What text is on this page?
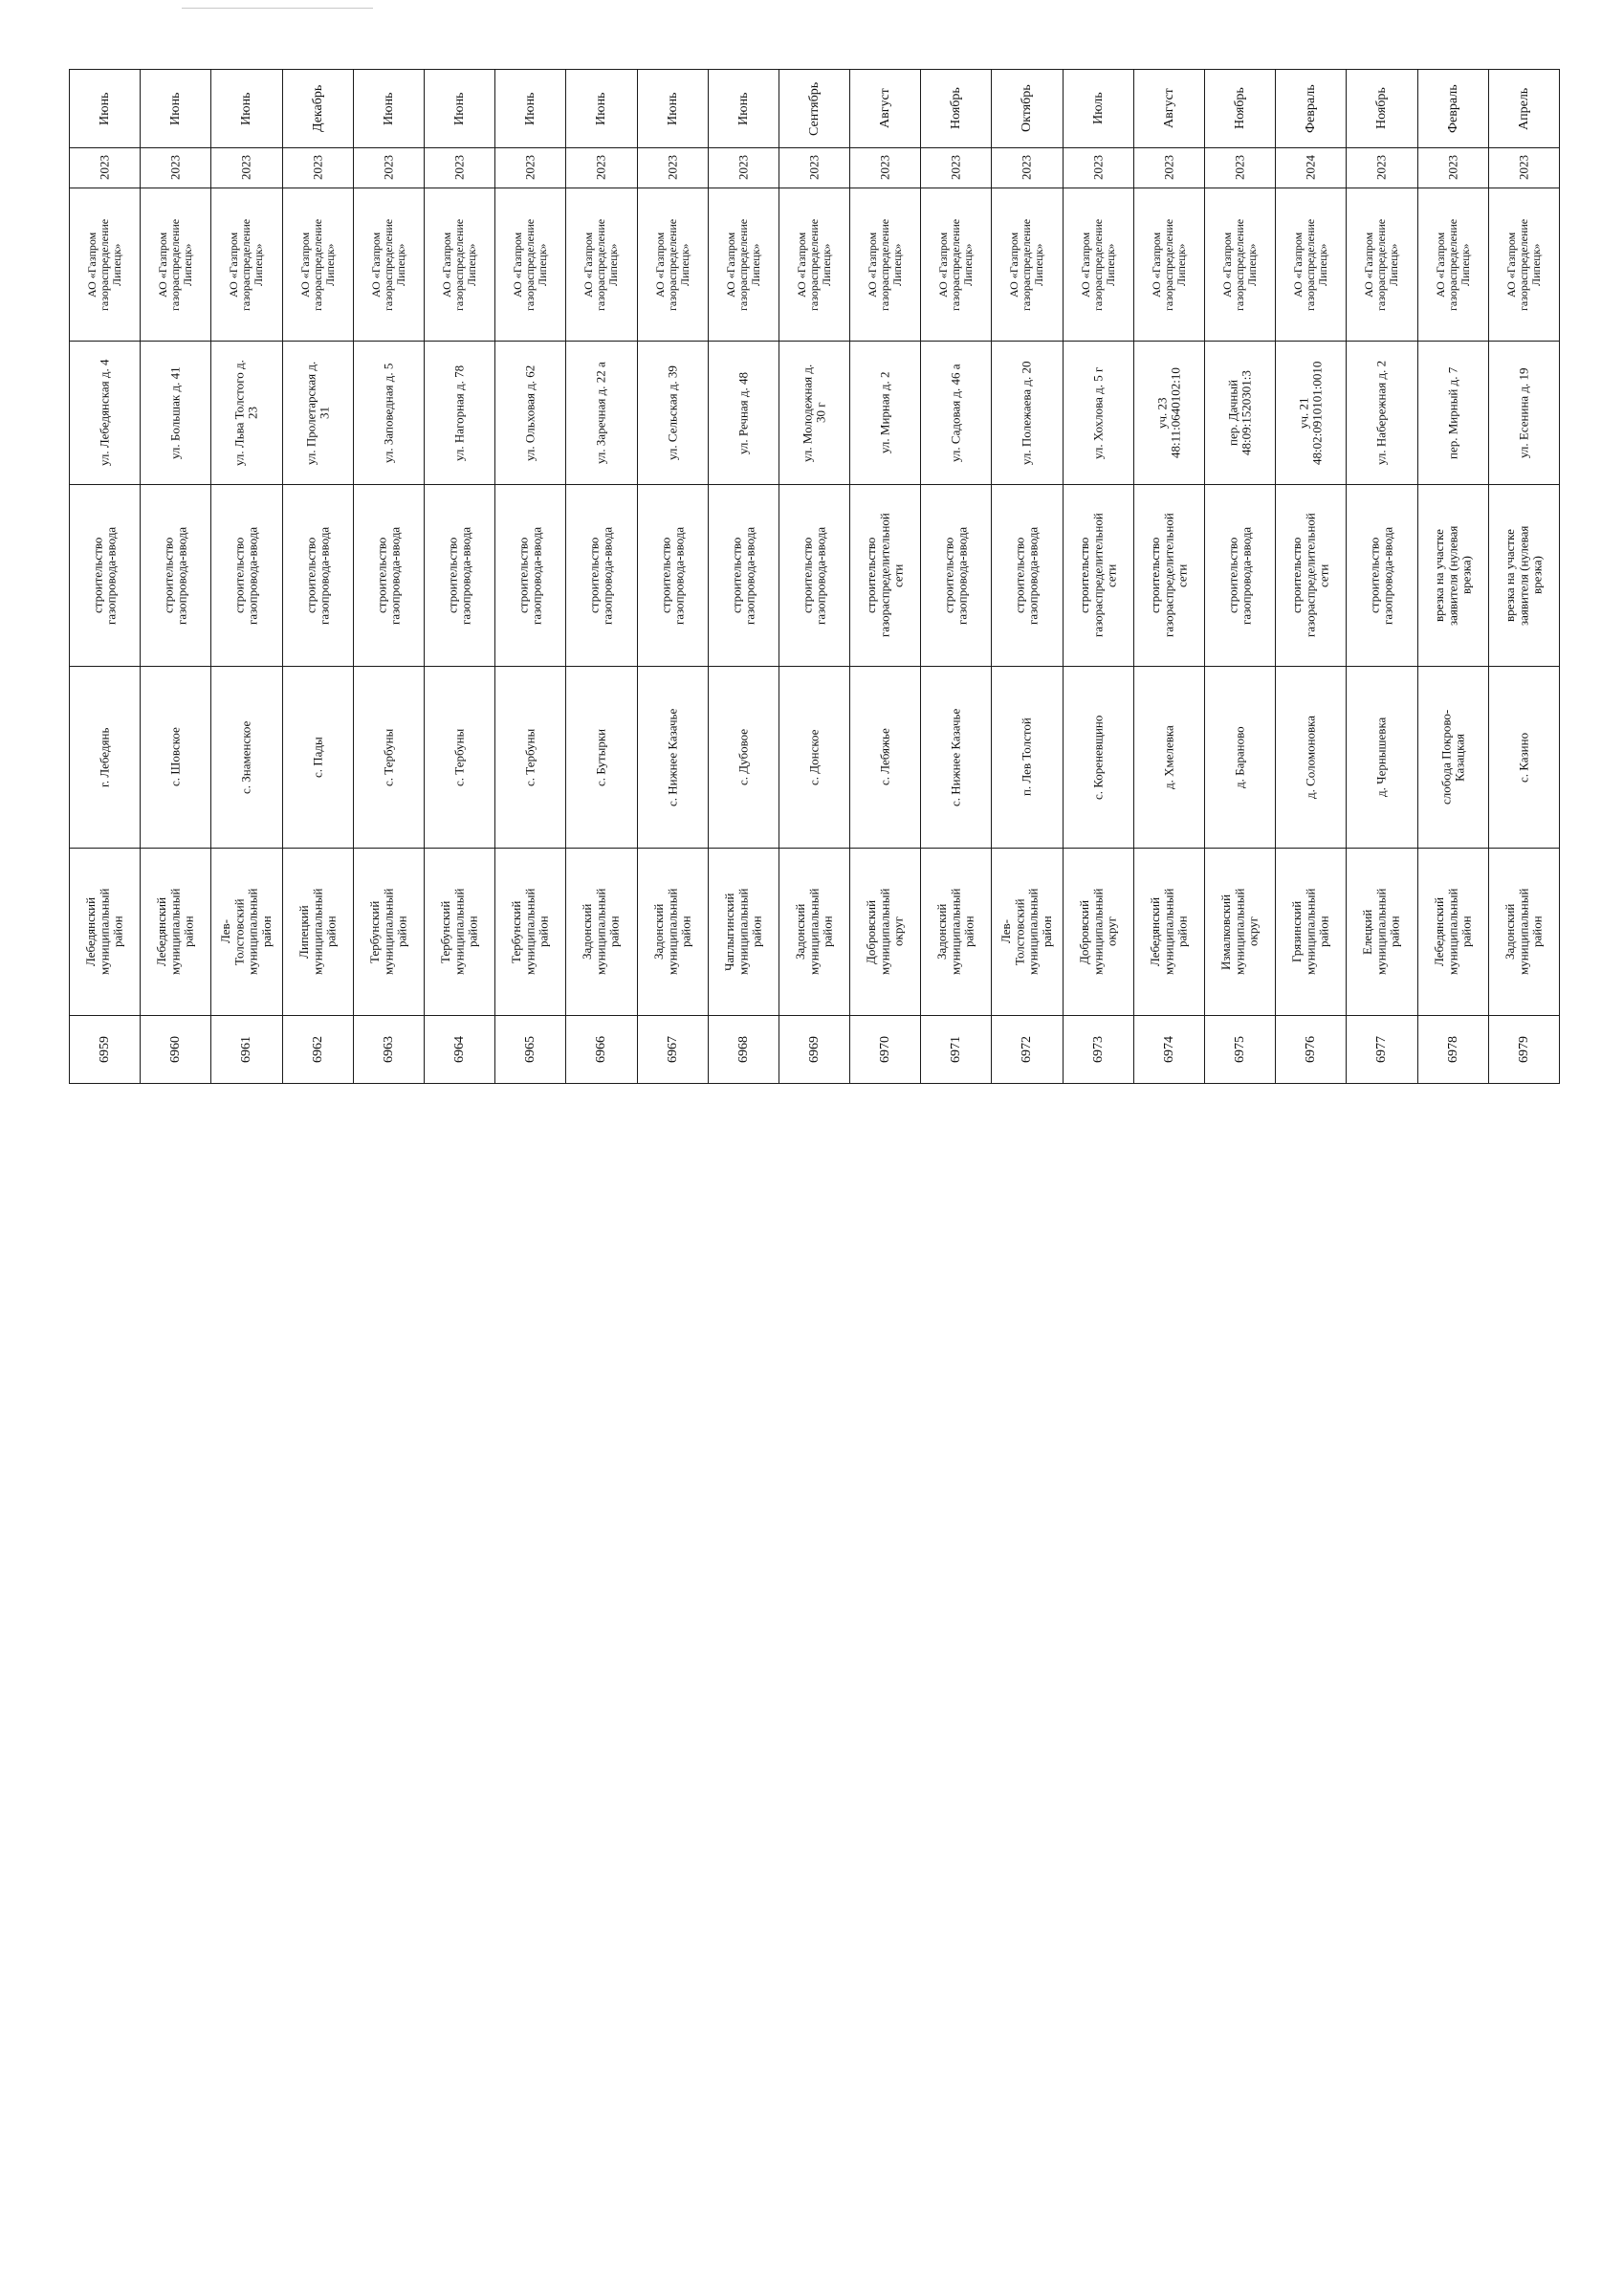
Июнь	Июнь	Июнь	Декабрь	Июнь	Июнь	Июнь	Июнь	Июнь	Июнь	Сентябрь	Август	Ноябрь	Октябрь	Июль	Август	Ноябрь	Февраль	Ноябрь	Февраль	Апрель

2023	2023	2023	2023	2023	2023	2023	2023	2023	2023	2023	2023	2023	2023	2023	2023	2023	2024	2023	2023	2023

АО «Газпром
газораспределение
Липецк»	АО «Газпром
газораспределение
Липецк»	АО «Газпром
газораспределение
Липецк»	АО «Газпром
газораспределение
Липецк»	АО «Газпром
газораспределение
Липецк»	АО «Газпром
газораспределение
Липецк»	АО «Газпром
газораспределение
Липецк»	АО «Газпром
газораспределение
Липецк»	АО «Газпром
газораспределение
Липецк»	АО «Газпром
газораспределение
Липецк»	АО «Газпром
газораспределение
Липецк»	АО «Газпром
газораспределение
Липецк»	АО «Газпром
газораспределение
Липецк»	АО «Газпром
газораспределение
Липецк»	АО «Газпром
газораспределение
Липецк»	АО «Газпром
газораспределение
Липецк»	АО «Газпром
газораспределение
Липецк»	АО «Газпром
газораспределение
Липецк»	АО «Газпром
газораспределение
Липецк»	АО «Газпром
газораспределение
Липецк»	АО «Газпром
газораспределение
Липецк»

ул. Лебедянская д. 4	ул. Большак д. 41	ул. Льва Толстого д.
23	ул. Пролетарская д.
31	ул. Заповедная д. 5	ул. Нагорная д. 78	ул. Ольховая д. 62	ул. Заречная д. 22 а	ул. Сельская д. 39	ул. Речная д. 48	ул. Молодежная д.
30 г	ул. Мирная д. 2	ул. Садовая д. 46 а	ул. Полежаева д. 20	ул. Хохлова д. 5 г	уч. 23
48:11:0640102:10	пер. Дачный
48:09:1520301:3	уч. 21
48:02:0910101:0010	ул. Набережная д. 2	пер. Мирный д. 7	ул. Есенина д. 19

строительство
газопровода-ввода	строительство
газопровода-ввода	строительство
газопровода-ввода	строительство
газопровода-ввода	строительство
газопровода-ввода	строительство
газопровода-ввода	строительство
газопровода-ввода	строительство
газопровода-ввода	строительство
газопровода-ввода	строительство
газопровода-ввода	строительство
газопровода-ввода	строительство
газораспределительной
сети	строительство
газопровода-ввода	строительство
газопровода-ввода	строительство
газораспределительной
сети	строительство
газораспределительной
сети	строительство
газопровода-ввода	строительство
газораспределительной
сети	строительство
газопровода-ввода	врезка на участке
заявителя (нулевая
врезка)	врезка на участке
заявителя (нулевая
врезка)

г. Лебедянь	с. Шовское	с. Знаменское	с. Пады	с. Тербуны	с. Тербуны	с. Тербуны	с. Бутырки	с. Нижнее Казачье	с. Дубовое	с. Донское	с. Лебяжье	с. Нижнее Казачье	п. Лев Толстой	с. Кореневщино	д. Хмелевка	д. Бараново	д. Соломоновка	д. Чернышевка	слобода Покрово-
Казацкая	с. Казино

Лебедянский
муниципальный
район	Лебедянский
муниципальный
район	Лев-
Толстовский
муниципальный
район	Липецкий
муниципальный
район	Тербунский
муниципальный
район	Тербунский
муниципальный
район	Тербунский
муниципальный
район	Задонский
муниципальный
район	Задонский
муниципальный
район	Чаплыгинский
муниципальный
район	Задонский
муниципальный
район	Добровский
муниципальный
округ	Задонский
муниципальный
район	Лев-
Толстовский
муниципальный
район	Добровский
муниципальный
округ	Лебедянский
муниципальный
район	Измалковский
муниципальный
округ	Грязинский
муниципальный
район	Елецкий
муниципальный
район	Лебедянский
муниципальный
район	Задонский
муниципальный
район

6959	6960	6961	6962	6963	6964	6965	6966	6967	6968	6969	6970	6971	6972	6973	6974	6975	6976	6977	6978	6979
